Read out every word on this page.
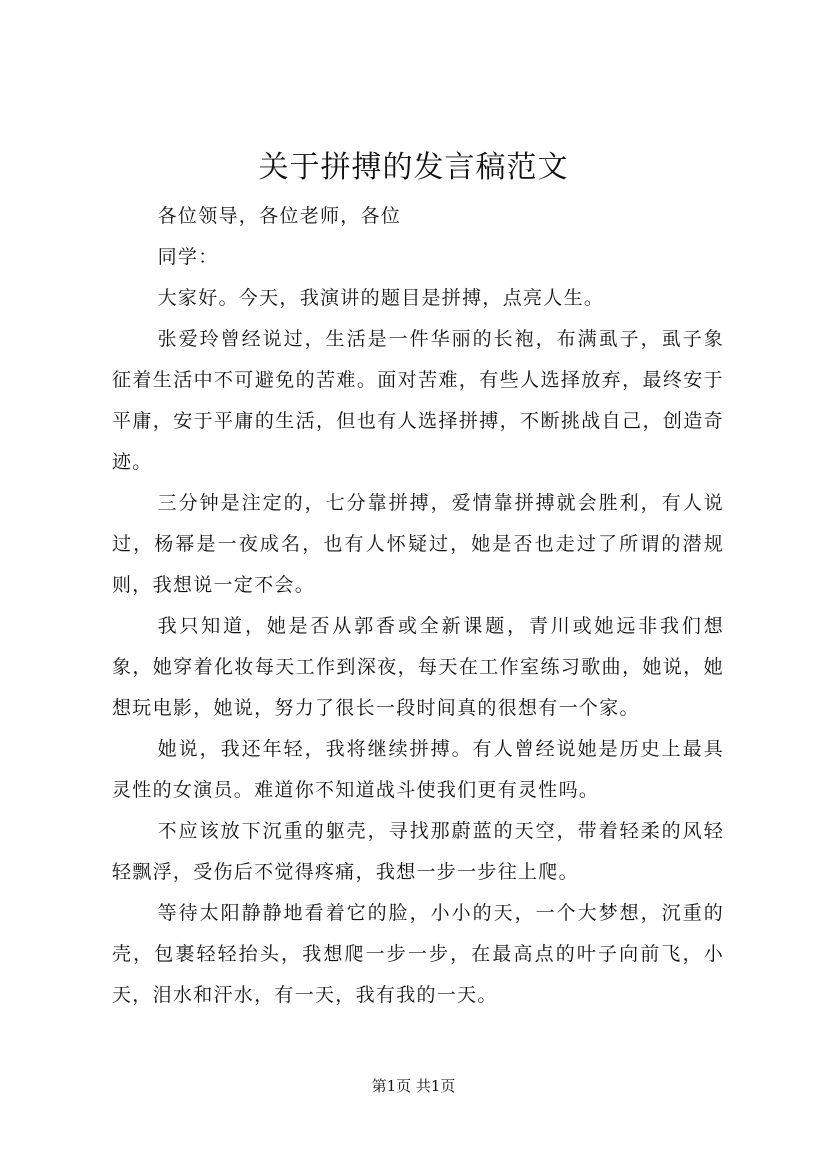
关于拼搏的发言稿范文

各位领导，各位老师，各位

同学：

大家好。今天，我演讲的题目是拼搏，点亮人生。

张爱玲曾经说过，生活是一件华丽的长袍，布满虱子，虱子象征着生活中不可避免的苦难。面对苦难，有些人选择放弃，最终安于平庸，安于平庸的生活，但也有人选择拼搏，不断挑战自己，创造奇迹。

三分钟是注定的，七分靠拼搏，爱情靠拼搏就会胜利，有人说过，杨幂是一夜成名，也有人怀疑过，她是否也走过了所谓的潜规则，我想说一定不会。

我只知道，她是否从郭香或全新课题，青川或她远非我们想象，她穿着化妆每天工作到深夜，每天在工作室练习歌曲，她说，她想玩电影，她说，努力了很长一段时间真的很想有一个家。

她说，我还年轻，我将继续拼搏。有人曾经说她是历史上最具灵性的女演员。难道你不知道战斗使我们更有灵性吗。

不应该放下沉重的躯壳，寻找那蔚蓝的天空，带着轻柔的风轻轻飘浮，受伤后不觉得疼痛，我想一步一步往上爬。

等待太阳静静地看着它的脸，小小的天，一个大梦想，沉重的壳，包裹轻轻抬头，我想爬一步一步，在最高点的叶子向前飞，小天，泪水和汗水，有一天，我有我的一天。

第1页 共1页
